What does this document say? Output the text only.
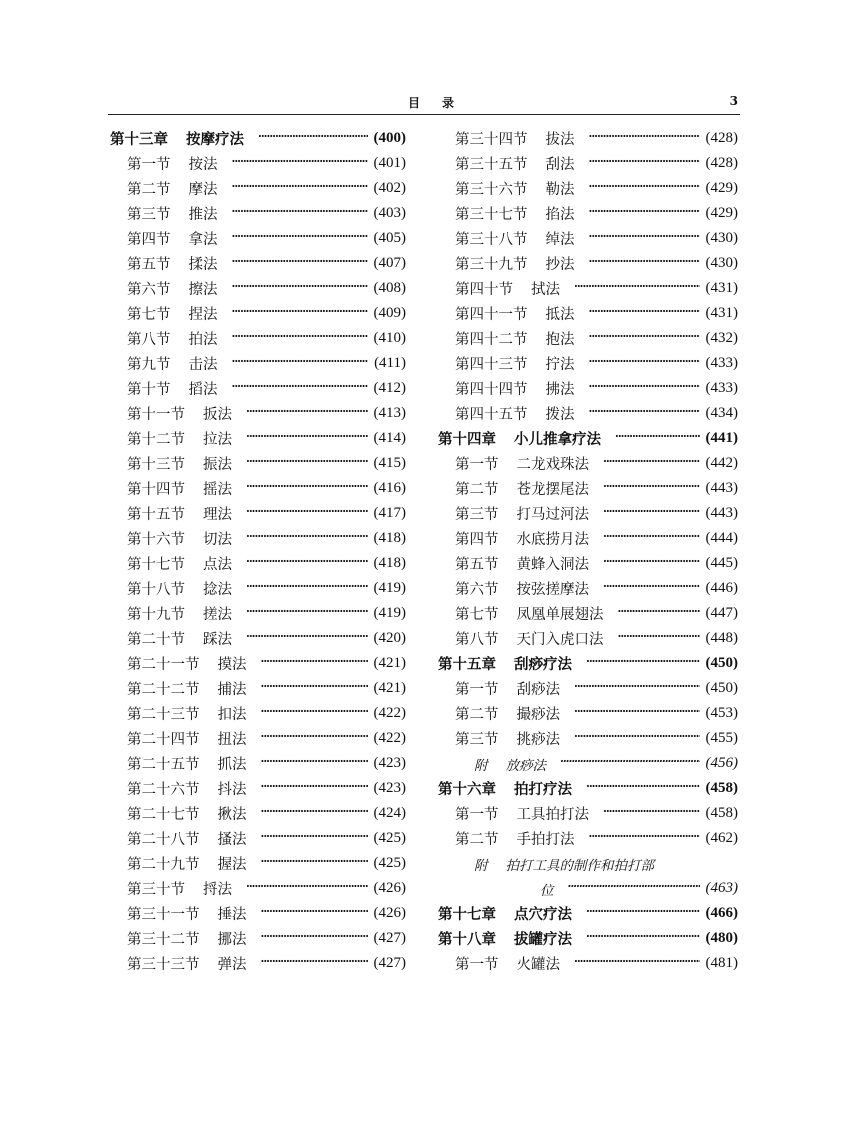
目录	3
第十三章 按摩疗法 ·····	(400)
第一节 按法 ·····	(401)
第二节 摩法 ·····	(402)
第三节 推法 ·····	(403)
第四节 拿法 ·····	(405)
第五节 揉法 ·····	(407)
第六节 擦法 ·····	(408)
第七节 捏法 ·····	(409)
第八节 拍法 ·····	(410)
第九节 击法 ·····	(411)
第十节 搯法 ·····	(412)
第十一节 扳法 ·····	(413)
第十二节 拉法 ·····	(414)
第十三节 振法 ·····	(415)
第十四节 摇法 ·····	(416)
第十五节 理法 ·····	(417)
第十六节 切法 ·····	(418)
第十七节 点法 ·····	(418)
第十八节 捻法 ·····	(419)
第十九节 搓法 ·····	(419)
第二十节 踩法 ·····	(420)
第二十一节 摸法 ·····	(421)
第二十二节 捕法 ·····	(421)
第二十三节 扣法 ·····	(422)
第二十四节 扭法 ·····	(422)
第二十五节 抓法 ·····	(423)
第二十六节 抖法 ·····	(423)
第二十七节 揪法 ·····	(424)
第二十八节 搔法 ·····	(425)
第二十九节 握法 ·····	(425)
第三十节 捋法 ·····	(426)
第三十一节 捶法 ·····	(426)
第三十二节 挪法 ·····	(427)
第三十三节 弹法 ·····	(427)
第三十四节 拔法 ·····	(428)
第三十五节 刮法 ·····	(428)
第三十六节 勒法 ·····	(429)
第三十七节 掐法 ·····	(429)
第三十八节 绰法 ·····	(430)
第三十九节 抄法 ·····	(430)
第四十节 拭法 ·····	(431)
第四十一节 抵法 ·····	(431)
第四十二节 抱法 ·····	(432)
第四十三节 拧法 ·····	(433)
第四十四节 拂法 ·····	(433)
第四十五节 拨法 ·····	(434)
第十四章 小儿推拿疗法 ·····	(441)
第一节 二龙戏珠法 ·····	(442)
第二节 苍龙摆尾法 ·····	(443)
第三节 打马过河法 ·····	(443)
第四节 水底捞月法 ·····	(444)
第五节 黄蜂入洞法 ·····	(445)
第六节 按弦搓摩法 ·····	(446)
第七节 凤凰单展翅法 ·····	(447)
第八节 天门入虎口法 ·····	(448)
第十五章 刮痧疗法 ·····	(450)
第一节 刮痧法 ·····	(450)
第二节 撮痧法 ·····	(453)
第三节 挑痧法 ·····	(455)
附 放痧法 ·····	(456)
第十六章 拍打疗法 ·····	(458)
第一节 工具拍打法 ·····	(458)
第二节 手拍打法 ·····	(462)
附 拍打工具的制作和拍打部
位 ·····	(463)
第十七章 点穴疗法 ·····	(466)
第十八章 拔罐疗法 ·····	(480)
第一节 火罐法 ·····	(481)
